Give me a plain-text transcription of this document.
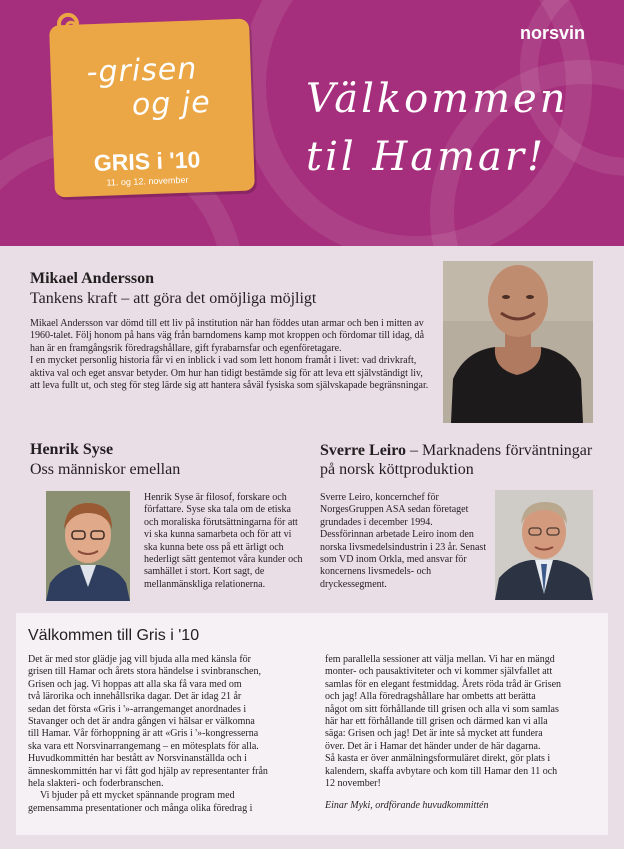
-grisen
og je
GRIS i '10
11. og 12. november
norsvin
Välkommen
til Hamar!
Mikael Andersson
Tankens kraft – att göra det omöjliga möjligt
Mikael Andersson var dömd till ett liv på institution när han föddes utan armar och ben i mitten av 1960-talet. Följ honom på hans väg från barndomens kamp mot kroppen och fördomar till idag, då han är en framgångsrik föredragshållare, gift fyrabarnsfar och egenföretagare.
I en mycket personlig historia får vi en inblick i vad som lett honom framåt i livet: vad drivkraft, aktiva val och eget ansvar betyder. Om hur han tidigt bestämde sig för att leva ett självständigt liv, att leva fullt ut, och steg för steg lärde sig att hantera såväl fysiska som självskapade begränsningar.
Henrik Syse
Oss människor emellan
Henrik Syse är filosof, forskare och författare. Syse ska tala om de etiska och moraliska förutsättningarna för att vi ska kunna samarbeta och för att vi ska kunna bete oss på ett ärligt och hederligt sätt gentemot våra kunder och samhället i stort. Kort sagt, de mellanmänskliga relationerna.
Sverre Leiro – Marknadens förväntningar
på norsk köttproduktion
Sverre Leiro, koncernchef för NorgesGruppen ASA sedan företaget grundades i december 1994. Dessförinnan arbetade Leiro inom den norska livsmedelsindustrin i 23 år. Senast som VD inom Orkla, med ansvar för koncernens livsmedels- och dryckessegment.
Välkommen till Gris i '10
Det är med stor glädje jag vill bjuda alla med känsla för
grisen till Hamar och årets stora händelse i svinbranschen,
Grisen och jag. Vi hoppas att alla ska få vara med om
två lärorika och innehållsrika dagar. Det är idag 21 år
sedan det första «Gris i '»-arrangemanget anordnades i
Stavanger och det är andra gången vi hälsar er välkomna
till Hamar. Vår förhoppning är att «Gris i '»-kongresserna
ska vara ett Norsvinarrangemang – en mötesplats för alla.
Huvudkommittén har bestått av Norsvinanställda och i
ämneskommittén har vi fått god hjälp av representanter från
hela slakteri- och foderbranschen.
Vi bjuder på ett mycket spännande program med
gemensamma presentationer och många olika föredrag i
fem parallella sessioner att välja mellan. Vi har en mängd
monter- och pausaktiviteter och vi kommer självfallet att
samlas för en elegant festmiddag. Årets röda tråd är Grisen
och jag! Alla föredragshållare har ombetts att berätta
något om sitt förhållande till grisen och alla vi som samlas
här har ett förhållande till grisen och därmed kan vi alla
säga: Grisen och jag! Det är inte så mycket att fundera
över. Det är i Hamar det händer under de här dagarna.
Så kasta er över anmälningsformuläret direkt, gör plats i
kalendern, skaffa avbytare och kom till Hamar den 11 och
12 november!
Einar Myki, ordförande huvudkommittén
